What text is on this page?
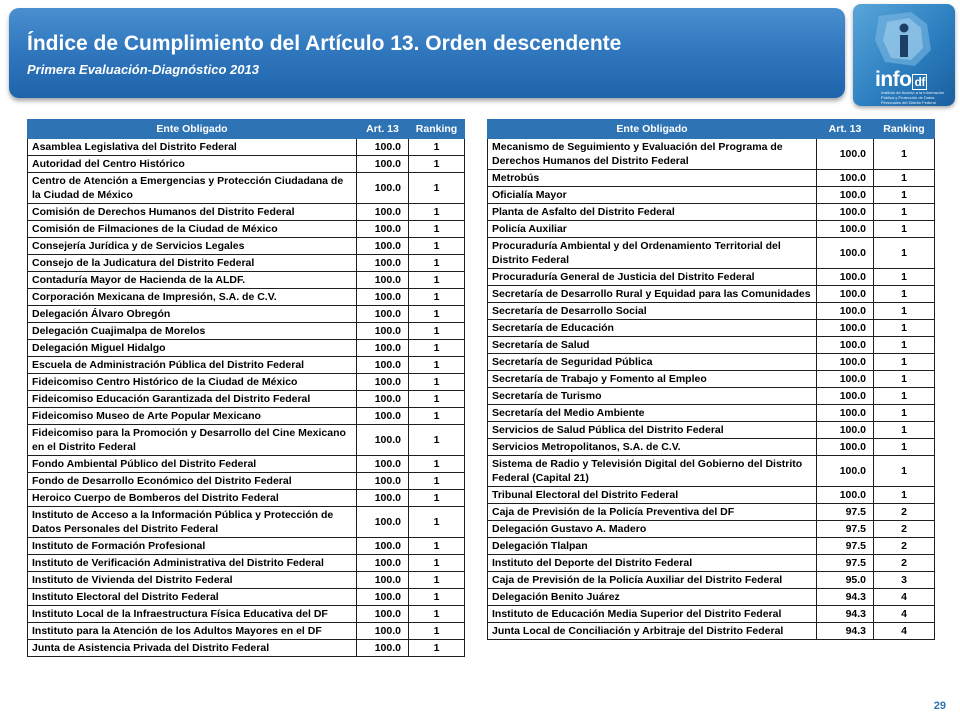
Índice de Cumplimiento del Artículo 13. Orden descendente
Primera Evaluación-Diagnóstico 2013	info df
Instituto de Acceso a la Información Pública y Protección de Datos Personales del Distrito Federal
Ente Obligado	Art. 13	Ranking
Asamblea Legislativa del Distrito Federal	100.0	1
Autoridad del Centro Histórico	100.0	1
Centro de Atención a Emergencias y Protección Ciudadana de la Ciudad de México	100.0	1
Comisión de Derechos Humanos del Distrito Federal	100.0	1
Comisión de Filmaciones de la Ciudad de México	100.0	1
Consejería Jurídica y de Servicios Legales	100.0	1
Consejo de la Judicatura del Distrito Federal	100.0	1
Contaduría Mayor de Hacienda de la ALDF.	100.0	1
Corporación Mexicana de Impresión, S.A. de C.V.	100.0	1
Delegación Álvaro Obregón	100.0	1
Delegación Cuajimalpa de Morelos	100.0	1
Delegación Miguel Hidalgo	100.0	1
Escuela de Administración Pública del Distrito Federal	100.0	1
Fideicomiso Centro Histórico de la Ciudad de México	100.0	1
Fideicomiso Educación Garantizada del Distrito Federal	100.0	1
Fideicomiso Museo de Arte Popular Mexicano	100.0	1
Fideicomiso para la Promoción y Desarrollo del Cine Mexicano en el Distrito Federal	100.0	1
Fondo Ambiental Público del Distrito Federal	100.0	1
Fondo de Desarrollo Económico del Distrito Federal	100.0	1
Heroico Cuerpo de Bomberos del Distrito Federal	100.0	1
Instituto de Acceso a la Información Pública y Protección de Datos Personales del Distrito Federal	100.0	1
Instituto de Formación Profesional	100.0	1
Instituto de Verificación Administrativa del Distrito Federal	100.0	1
Instituto de Vivienda del Distrito Federal	100.0	1
Instituto Electoral del Distrito Federal	100.0	1
Instituto Local de la Infraestructura Física Educativa del DF	100.0	1
Instituto para la Atención de los Adultos Mayores en el DF	100.0	1
Junta de Asistencia Privada del Distrito Federal	100.0	1
Ente Obligado	Art. 13	Ranking
Mecanismo de Seguimiento y Evaluación del Programa de Derechos Humanos del Distrito Federal	100.0	1
Metrobús	100.0	1
Oficialía Mayor	100.0	1
Planta de Asfalto del Distrito Federal	100.0	1
Policía Auxiliar	100.0	1
Procuraduría Ambiental y del Ordenamiento Territorial del Distrito Federal	100.0	1
Procuraduría General de Justicia del Distrito Federal	100.0	1
Secretaría de Desarrollo Rural y Equidad para las Comunidades	100.0	1
Secretaría de Desarrollo Social	100.0	1
Secretaría de Educación	100.0	1
Secretaría de Salud	100.0	1
Secretaría de Seguridad Pública	100.0	1
Secretaría de Trabajo y Fomento al Empleo	100.0	1
Secretaría de Turismo	100.0	1
Secretaría del Medio Ambiente	100.0	1
Servicios de Salud Pública del Distrito Federal	100.0	1
Servicios Metropolitanos, S.A. de C.V.	100.0	1
Sistema de Radio y Televisión Digital del Gobierno del Distrito Federal (Capital 21)	100.0	1
Tribunal Electoral del Distrito Federal	100.0	1
Caja de Previsión de la Policía Preventiva del DF	97.5	2
Delegación Gustavo A. Madero	97.5	2
Delegación Tlalpan	97.5	2
Instituto del Deporte del Distrito Federal	97.5	2
Caja de Previsión de la Policía Auxiliar del Distrito Federal	95.0	3
Delegación Benito Juárez	94.3	4
Instituto de Educación Media Superior del Distrito Federal	94.3	4
Junta Local de Conciliación y Arbitraje del Distrito Federal	94.3	4
29
